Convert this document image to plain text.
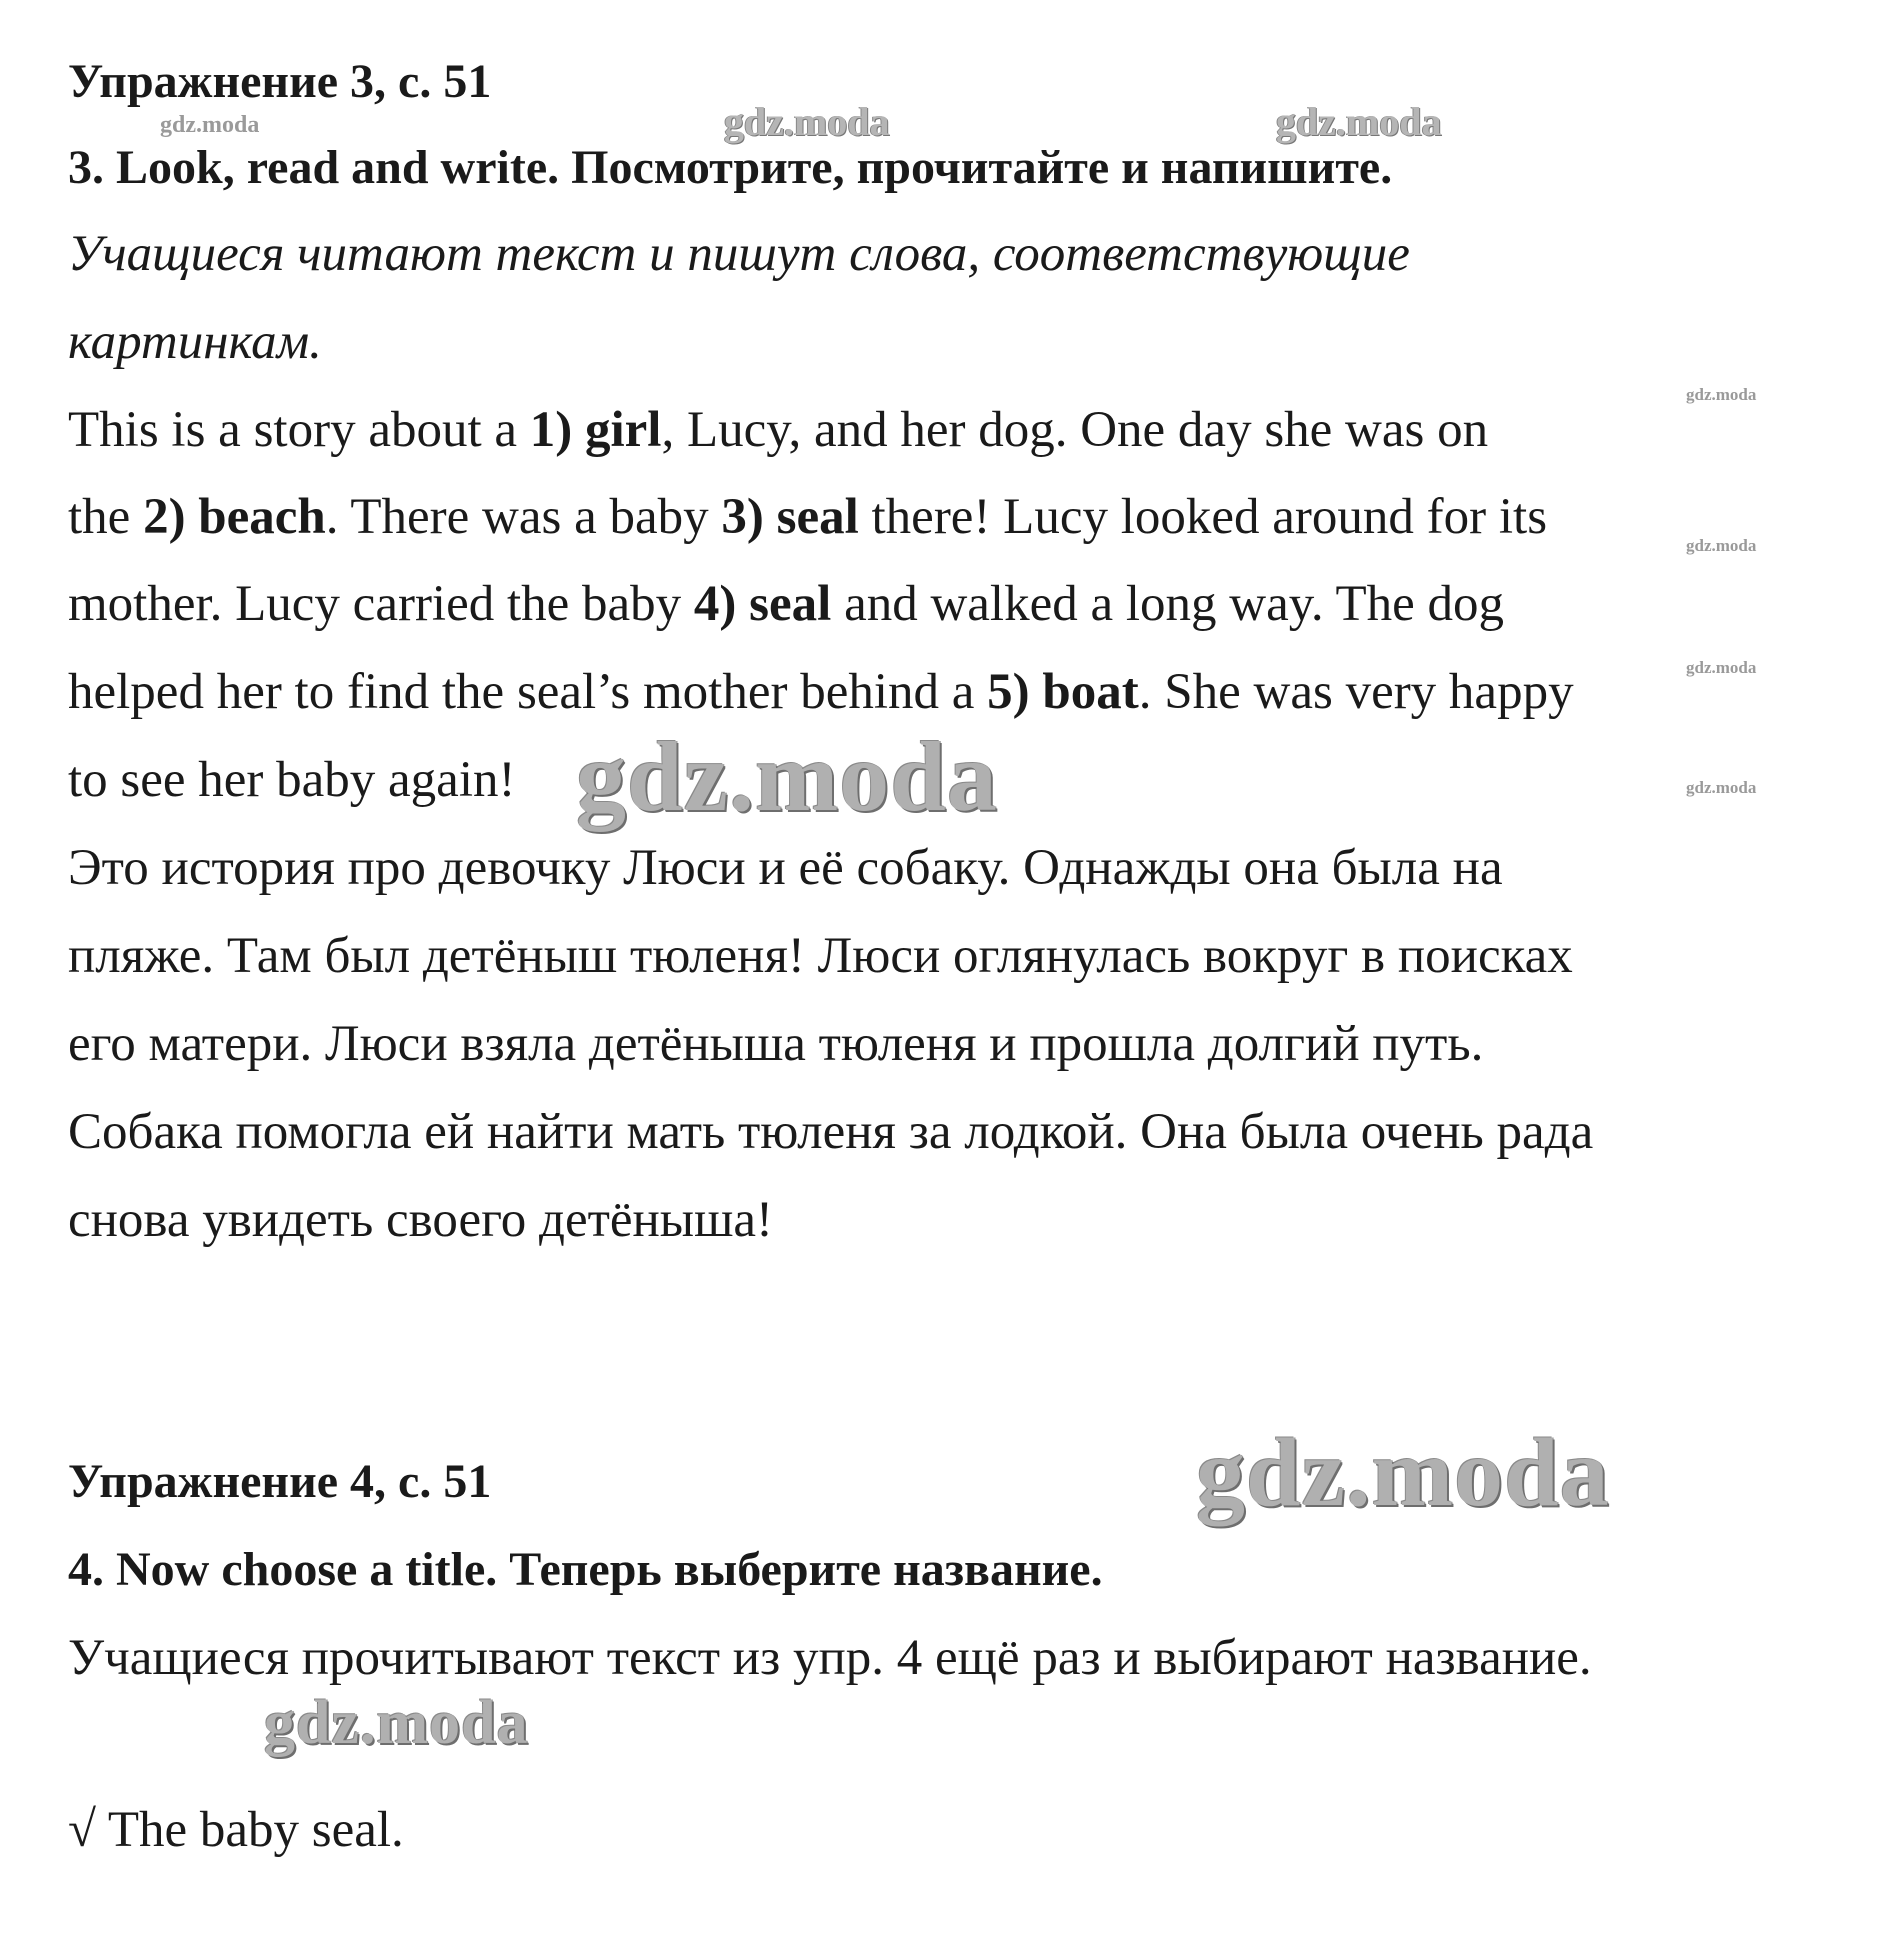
Упражнение 3, с. 51
gdz.moda	gdz.moda	gdz.moda
3. Look, read and write. Посмотрите, прочитайте и напишите.
Учащиеся читают текст и пишут слова, соответствующие
картинкам.
gdz.moda
This is a story about a 1) girl, Lucy, and her dog. One day she was on
the 2) beach. There was a baby 3) seal there! Lucy looked around for its
gdz.moda
mother. Lucy carried the baby 4) seal and walked a long way. The dog
gdz.moda
helped her to find the seal’s mother behind a 5) boat. She was very happy
to see her baby again! gdz.moda	gdz.moda
Это история про девочку Люси и её собаку. Однажды она была на
пляже. Там был детёныш тюленя! Люси оглянулась вокруг в поисках
его матери. Люси взяла детёныша тюленя и прошла долгий путь.
Собака помогла ей найти мать тюленя за лодкой. Она была очень рада
снова увидеть своего детёныша!
Упражнение 4, с. 51	gdz.moda
4. Now choose a title. Теперь выберите название.
Учащиеся прочитывают текст из упр. 4 ещё раз и выбирают название.
gdz.moda
√ The baby seal.
